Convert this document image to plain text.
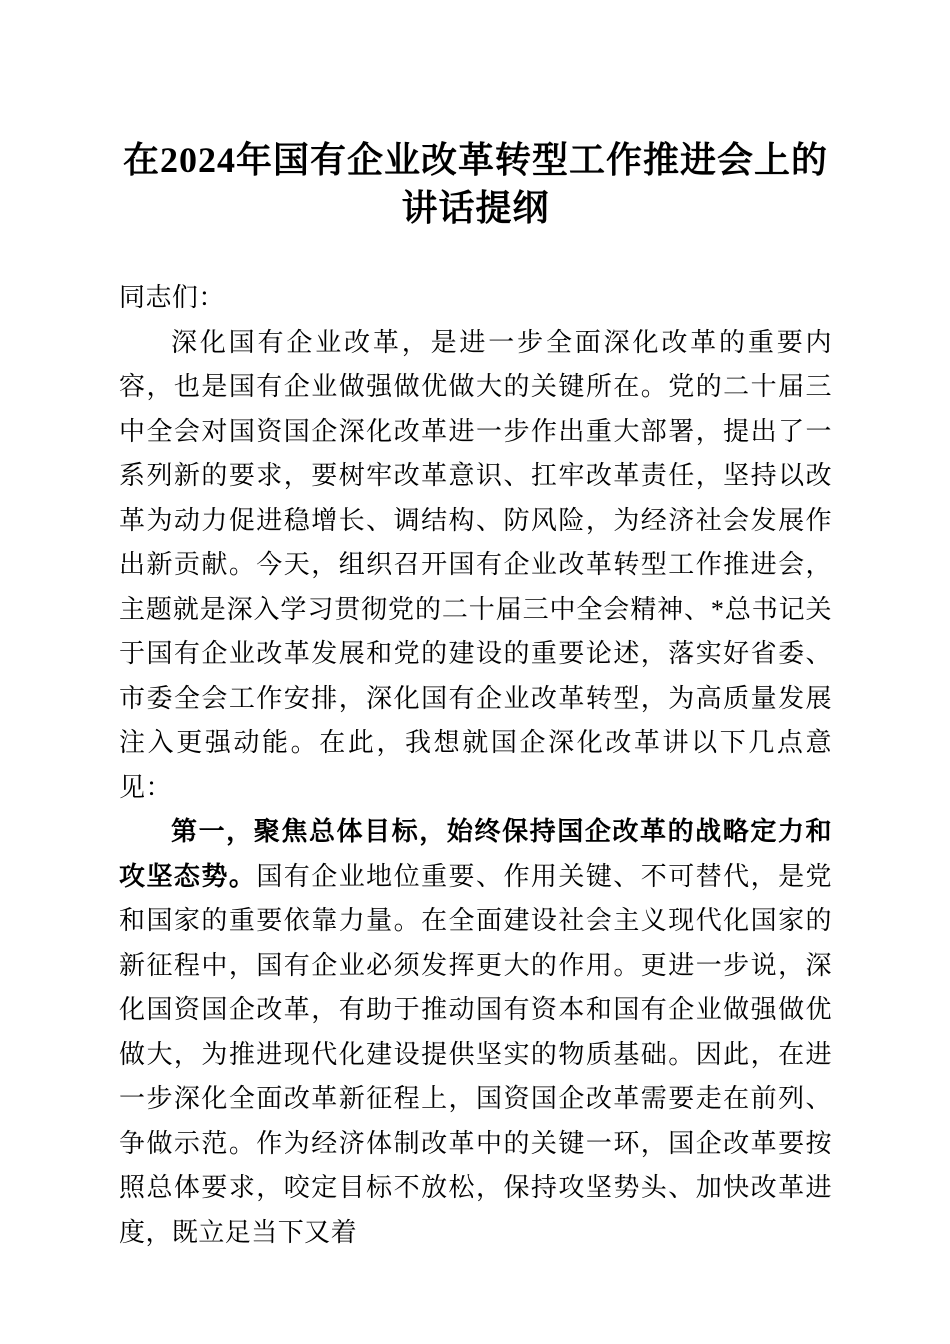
在2024年国有企业改革转型工作推进会上的
讲话提纲

同志们：

深化国有企业改革，是进一步全面深化改革的重要内容，也是国有企业做强做优做大的关键所在。党的二十届三中全会对国资国企深化改革进一步作出重大部署，提出了一系列新的要求，要树牢改革意识、扛牢改革责任，坚持以改革为动力促进稳增长、调结构、防风险，为经济社会发展作出新贡献。今天，组织召开国有企业改革转型工作推进会，主题就是深入学习贯彻党的二十届三中全会精神、*总书记关于国有企业改革发展和党的建设的重要论述，落实好省委、市委全会工作安排，深化国有企业改革转型，为高质量发展注入更强动能。在此，我想就国企深化改革讲以下几点意见：

第一，聚焦总体目标，始终保持国企改革的战略定力和攻坚态势。国有企业地位重要、作用关键、不可替代，是党和国家的重要依靠力量。在全面建设社会主义现代化国家的新征程中，国有企业必须发挥更大的作用。更进一步说，深化国资国企改革，有助于推动国有资本和国有企业做强做优做大，为推进现代化建设提供坚实的物质基础。因此，在进一步深化全面改革新征程上，国资国企改革需要走在前列、争做示范。作为经济体制改革中的关键一环，国企改革要按照总体要求，咬定目标不放松，保持攻坚势头、加快改革进度，既立足当下又着
